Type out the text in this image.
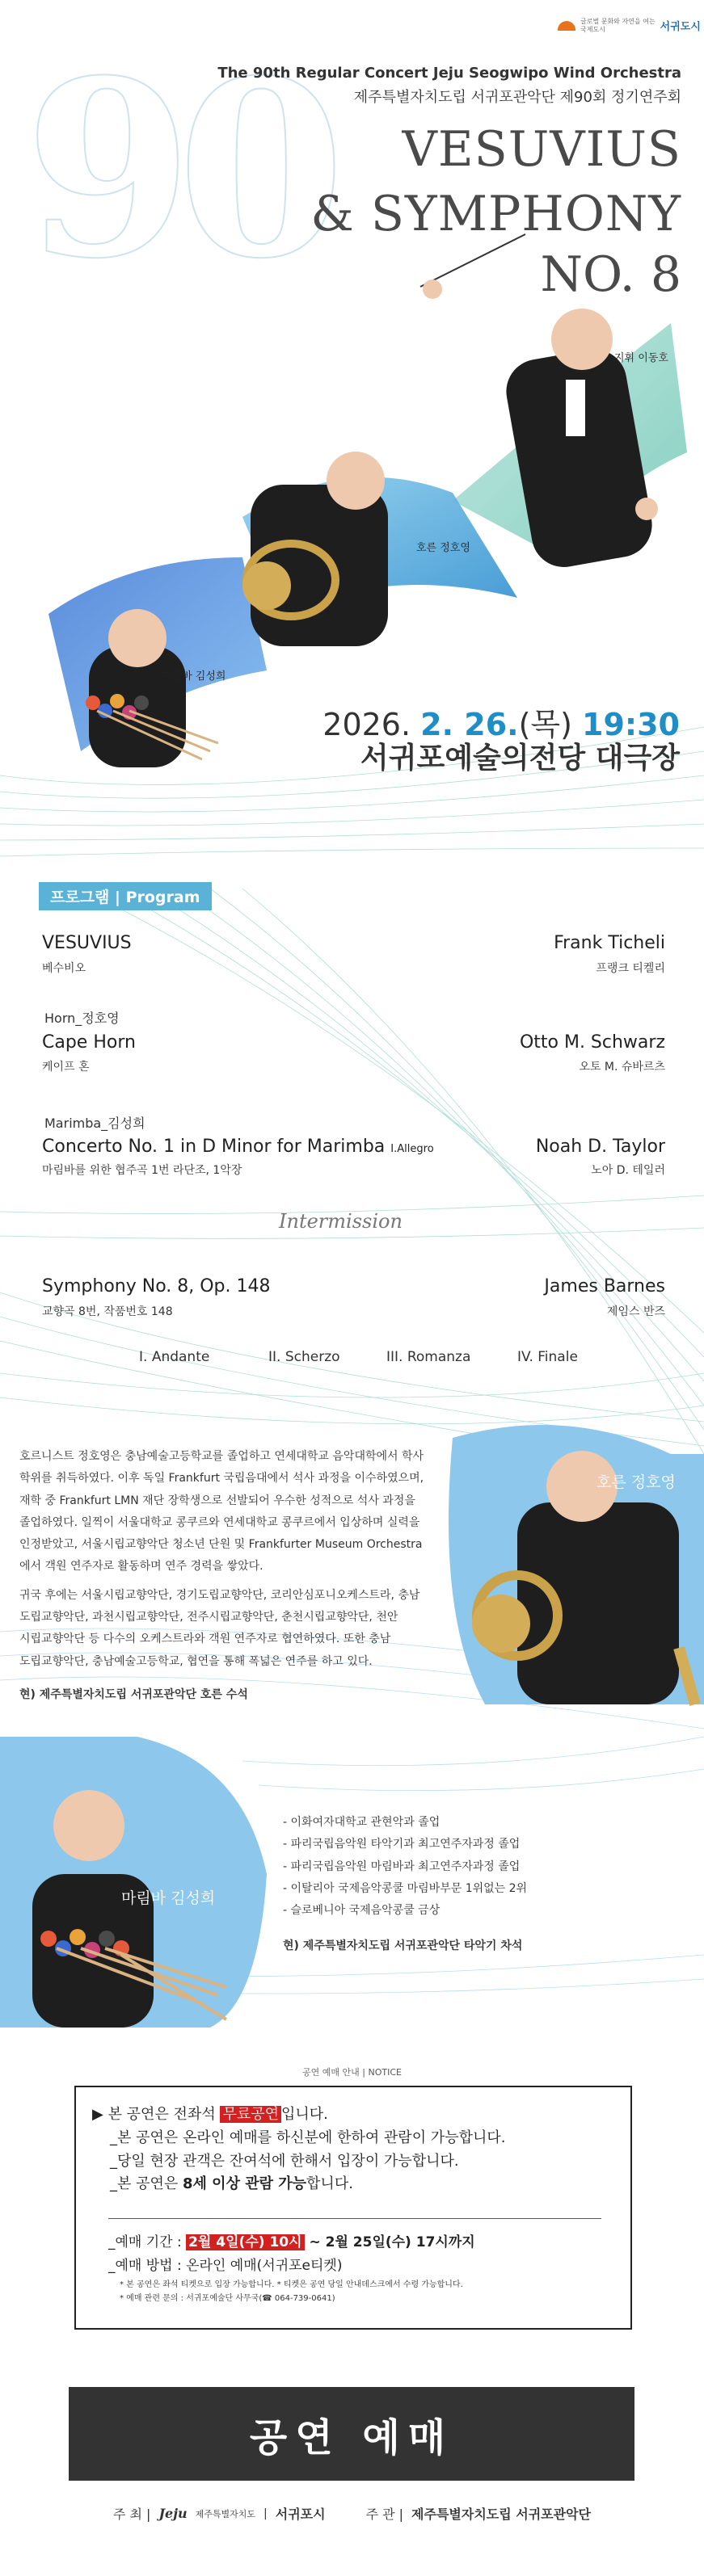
90
글로벌 문화와 자연을 여는
국제도시	서귀도시
The 90th Regular Concert Jeju Seogwipo Wind Orchestra
제주특별자치도립 서귀포관악단 제90회 정기연주회
VESUVIUS
& SYMPHONY
NO. 8
지휘 이동호
호른 정호영
마림바 김성희
2026. 2. 26.(목) 19:30
서귀포예술의전당 대극장
프로그램 | Program
VESUVIUS
베수비오
Frank Ticheli
프랭크 티켈리
Horn_정호영
Cape Horn
케이프 혼
Otto M. Schwarz
오토 M. 슈바르츠
Marimba_김성희
Concerto No. 1 in D Minor for Marimba I.Allegro
마림바를 위한 협주곡 1번 라단조, 1악장
Noah D. Taylor
노아 D. 테일러
Intermission
Symphony No. 8, Op. 148
교향곡 8번, 작품번호 148
James Barnes
제임스 반즈
I. Andante	II. Scherzo	III. Romanza	IV. Finale
호른 정호영
호르니스트 정호영은 충남예술고등학교를 졸업하고 연세대학교 음악대학에서 학사
학위를 취득하였다. 이후 독일 Frankfurt 국립음대에서 석사 과정을 이수하였으며,
재학 중 Frankfurt LMN 재단 장학생으로 선발되어 우수한 성적으로 석사 과정을
졸업하였다. 일찍이 서울대학교 콩쿠르와 연세대학교 콩쿠르에서 입상하며 실력을
인정받았고, 서울시립교향악단 청소년 단원 및 Frankfurter Museum Orchestra
에서 객원 연주자로 활동하며 연주 경력을 쌓았다.
귀국 후에는 서울시립교향악단, 경기도립교향악단, 코리안심포니오케스트라, 충남
도립교향악단, 과천시립교향악단, 전주시립교향악단, 춘천시립교향악단, 천안
시립교향악단 등 다수의 오케스트라와 객원 연주자로 협연하였다. 또한 충남
도립교향악단, 충남예술고등학교, 협연을 통해 폭넓은 연주를 하고 있다.
현) 제주특별자치도립 서귀포관악단 호른 수석
마림바 김성희
- 이화여자대학교 관현악과 졸업
- 파리국립음악원 타악기과 최고연주자과정 졸업
- 파리국립음악원 마림바과 최고연주자과정 졸업
- 이탈리아 국제음악콩쿨 마림바부문 1위없는 2위
- 슬로베니아 국제음악콩쿨 금상
현) 제주특별자치도립 서귀포관악단 타악기 차석
공연 예매 안내 | NOTICE
▶ 본 공연은 전좌석 무료공연 입니다.
_본 공연은 온라인 예매를 하신분에 한하여 관람이 가능합니다.
_당일 현장 관객은 잔여석에 한해서 입장이 가능합니다.
_본 공연은 8세 이상 관람 가능합니다.
_예매 기간 : 2월 4일(수) 10시 ~ 2월 25일(수) 17시까지
_예매 방법 : 온라인 예매(서귀포e티켓)
* 본 공연은 좌석 티켓으로 입장 가능합니다. * 티켓은 공연 당일 안내데스크에서 수령 가능합니다.
* 예매 관련 문의 : 서귀포예술단 사무국(☎ 064-739-0641)
공연 예매
주 최 | Jeju 제주특별자치도 | 서귀포시	주 관 | 제주특별자치도립 서귀포관악단
